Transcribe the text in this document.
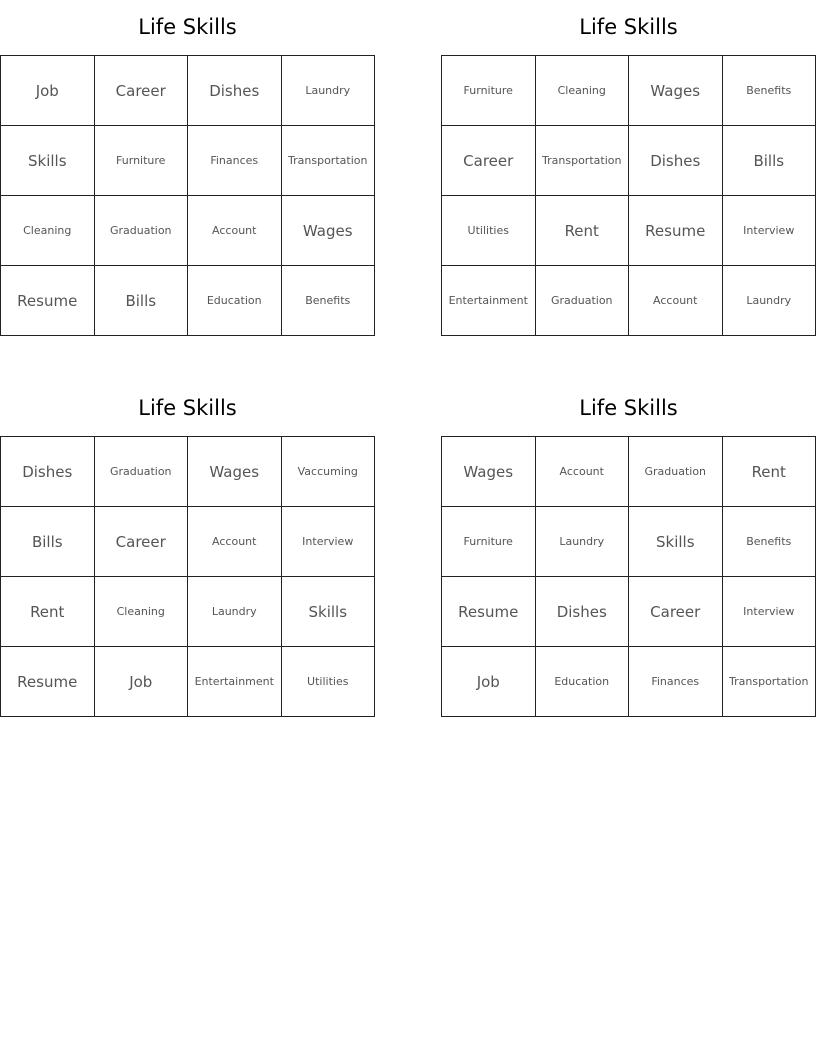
Life Skills
Job	Career	Dishes	Laundry
Skills	Furniture	Finances	Transportation
Cleaning	Graduation	Account	Wages
Resume	Bills	Education	Benefits
Life Skills
Furniture	Cleaning	Wages	Benefits
Career	Transportation	Dishes	Bills
Utilities	Rent	Resume	Interview
Entertainment	Graduation	Account	Laundry
Life Skills
Dishes	Graduation	Wages	Vaccuming
Bills	Career	Account	Interview
Rent	Cleaning	Laundry	Skills
Resume	Job	Entertainment	Utilities
Life Skills
Wages	Account	Graduation	Rent
Furniture	Laundry	Skills	Benefits
Resume	Dishes	Career	Interview
Job	Education	Finances	Transportation
